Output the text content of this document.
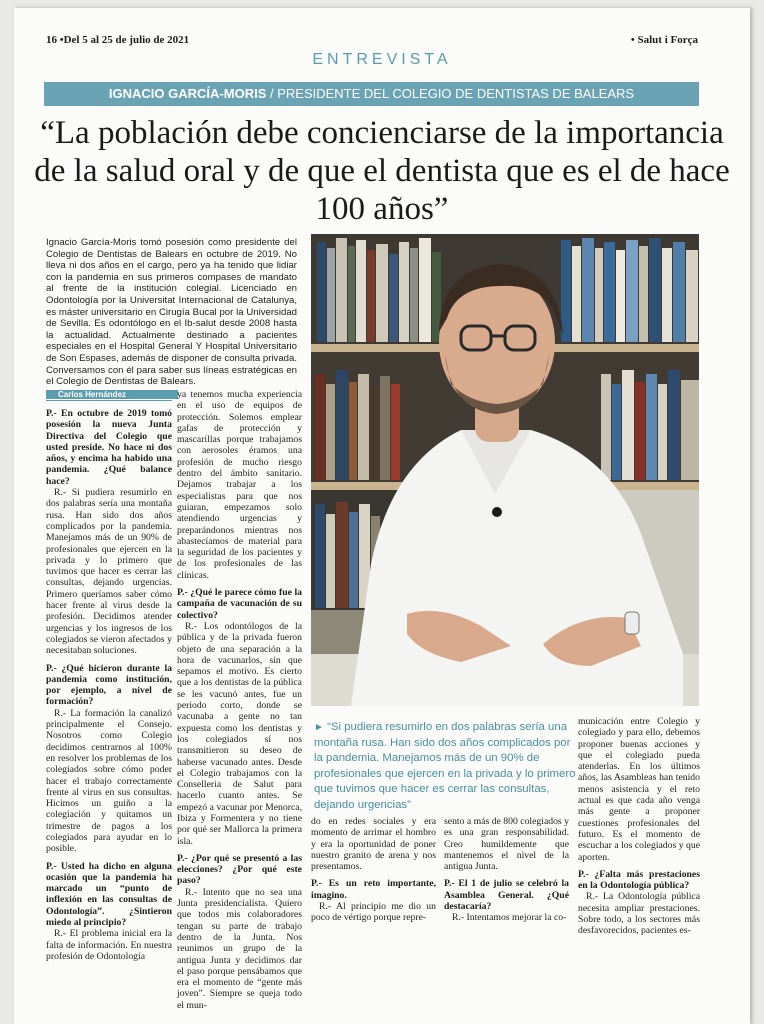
16 •Del 5 al 25 de julio de 2021	• Salut i Força
ENTREVISTA
IGNACIO GARCÍA-MORIS / PRESIDENTE DEL COLEGIO DE DENTISTAS DE BALEARS
“La población debe concienciarse de la importancia de la salud oral y de que el dentista que es el de hace 100 años”
Ignacio García-Moris tomó posesión como presidente del Colegio de Dentistas de Balears en octubre de 2019. No lleva ni dos años en el cargo, pero ya ha tenido que lidiar con la pandemia en sus primeros compases de mandato al frente de la institución colegial. Licenciado en Odontología por la Universitat Internacional de Catalunya, es máster universitario en Cirugía Bucal por la Universidad de Sevilla. Es odontólogo en el Ib-salut desde 2008 hasta la actualidad. Actualmente destinado a pacientes especiales en el Hospital General Y Hospital Universitario de Son Espases, además de disponer de consulta privada. Conversamos con él para saber sus líneas estratégicas en el Colegio de Dentistas de Balears.
Carlos Hernández
► “Si pudiera resumirlo en dos palabras sería una montaña rusa. Han sido dos años complicados por la pandemia. Manejamos más de un 90% de profesionales que ejercen en la privada y lo primero que tuvimos que hacer es cerrar las consultas, dejando urgencias”

P.- En octubre de 2019 tomó posesión la nueva Junta Directiva del Colegio que usted preside. No hace ni dos años, y encima ha habido una pandemia. ¿Qué balance hace?

R.- Si pudiera resumirlo en dos palabras sería una montaña rusa. Han sido dos años complicados por la pandemia. Manejamos más de un 90% de profesionales que ejercen en la privada y lo primero que tuvimos que hacer es cerrar las consultas, dejando urgencias. Primero queríamos saber cómo hacer frente al virus desde la profesión. Decidimos atender urgencias y los ingresos de los colegiados se vieron afectados y necesitaban soluciones.

P.- ¿Qué hicieron durante la pandemia como institución, por ejemplo, a nivel de formación?

R.- La formación la canalizó principalmente el Consejo. Nosotros como Colegio decidimos centrarnos al 100% en resolver los problemas de los colegiados sobre cómo poder hacer el trabajo correctamente frente al virus en sus consultas. Hicimos un guiño a la colegiación y quitamos un trimestre de pagos a los colegiados para ayudar en lo posible.

P.- Usted ha dicho en alguna ocasión que la pandemia ha marcado un “punto de inflexión en las consultas de Odontología”. ¿Sintieron miedo al principio?

R.- El problema inicial era la falta de información. En nuestra profesión de Odontología

ya tenemos mucha experiencia en el uso de equipos de protección. Solemos emplear gafas de protección y mascarillas porque trabajamos con aerosoles éramos una profesión de mucho riesgo dentro del ámbito sanitario. Dejamos trabajar a los especialistas para que nos guiaran, empezamos solo atendiendo urgencias y preparándonos mientras nos abastecíamos de material para la seguridad de los pacientes y de los profesionales de las clínicas.

P.- ¿Qué le parece cómo fue la campaña de vacunación de su colectivo?

R.- Los odontólogos de la pública y de la privada fueron objeto de una separación a la hora de vacunarlos, sin que sepamos el motivo. Es cierto que a los dentistas de la pública se les vacunó antes, fue un periodo corto, donde se vacunaba a gente no tan expuesta como los dentistas y los colegiados sí nos transmitieron su deseo de haberse vacunado antes. Desde el Colegio trabajamos con la Conselleria de Salut para hacerlo cuanto antes. Se empezó a vacunar por Menorca, Ibiza y Formentera y no tiene por qué ser Mallorca la primera isla.

P.- ¿Por qué se presentó a las elecciones? ¿Por qué este paso?

R.- Intento que no sea una Junta presidencialista. Quiero que todos mis colaboradores tengan su parte de trabajo dentro de la Junta. Nos reunimos un grupo de la antigua Junta y decidimos dar el paso porque pensábamos que era el momento de “gente más joven”. Siempre se queja todo el mun-

do en redes sociales y era momento de arrimar el hombro y era la oportunidad de poner nuestro granito de arena y nos presentamos.

P.- Es un reto importante, imagino.

R.- Al principio me dio un poco de vértigo porque repre-

sento a más de 800 colegiados y es una gran responsabilidad. Creo humildemente que mantenemos el nivel de la antigua Junta.

P.- El 1 de julio se celebró la Asamblea General. ¿Qué destacaría?

R.- Intentamos mejorar la co-

municación entre Colegio y colegiado y para ello, debemos proponer buenas acciones y que el colegiado pueda atenderlas. En los últimos años, las Asambleas han tenido menos asistencia y el reto actual es que cada año venga más gente a proponer cuestiones profesionales del futuro. Es el momento de escuchar a los colegiados y que aporten.

P.- ¿Falta más prestaciones en la Odontología pública?

R.- La Odontología pública necesita ampliar prestaciones. Sobre todo, a los sectores más desfavorecidos, pacientes es-
